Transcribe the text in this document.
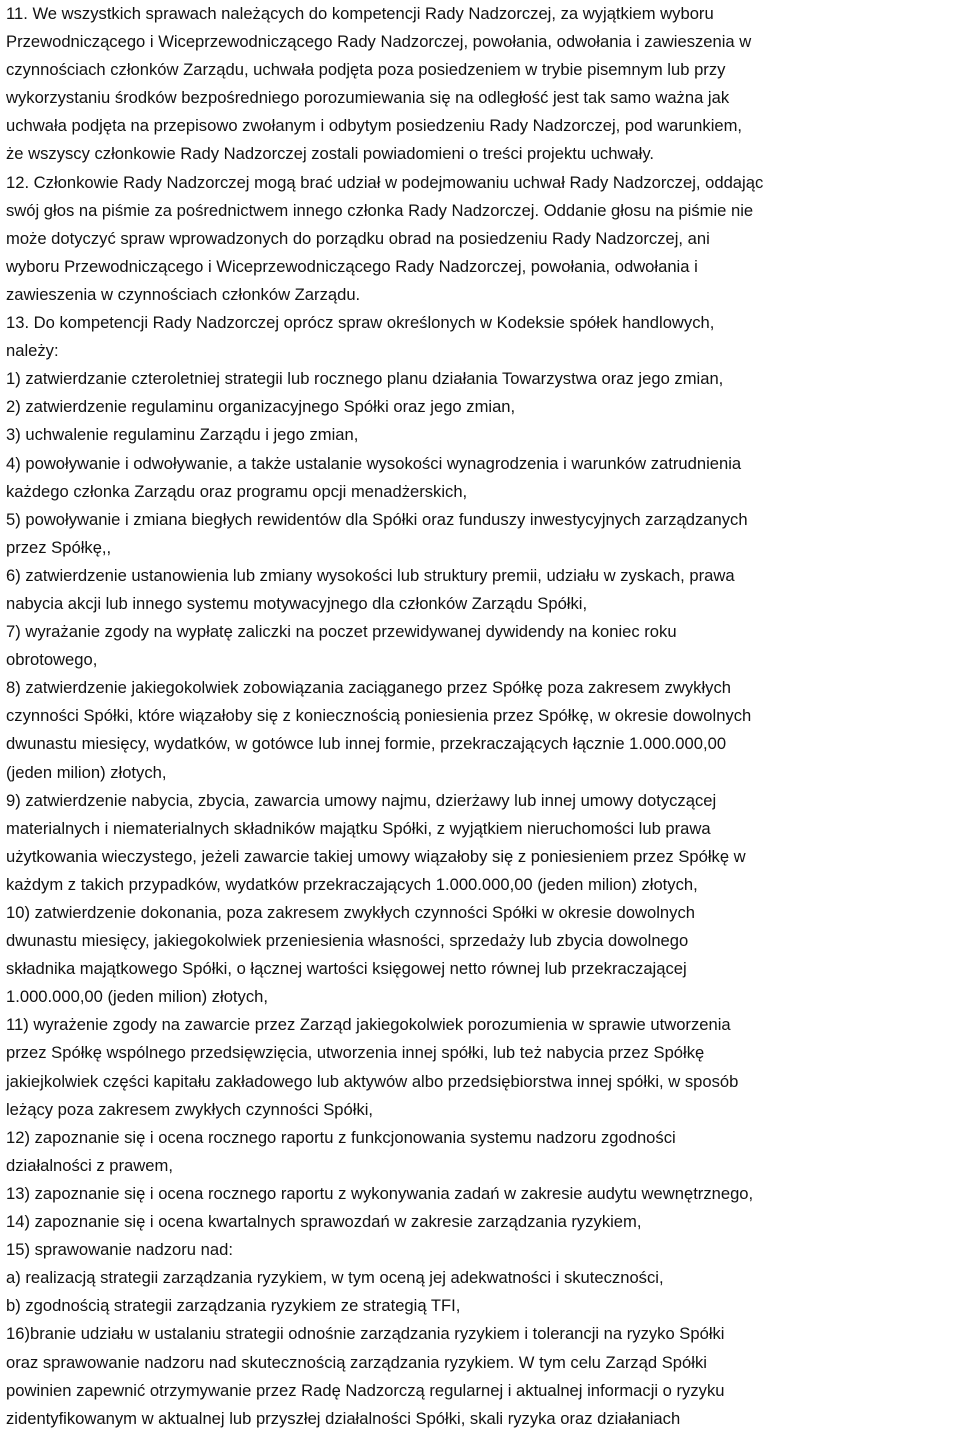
11. We wszystkich sprawach należących do kompetencji Rady Nadzorczej, za wyjątkiem wyboru
Przewodniczącego i Wiceprzewodniczącego Rady Nadzorczej, powołania, odwołania i zawieszenia w
czynnościach członków Zarządu, uchwała podjęta poza posiedzeniem w trybie pisemnym lub przy
wykorzystaniu środków bezpośredniego porozumiewania się na odległość jest tak samo ważna jak
uchwała podjęta na przepisowo zwołanym i odbytym posiedzeniu Rady Nadzorczej, pod warunkiem,
że wszyscy członkowie Rady Nadzorczej zostali powiadomieni o treści projektu uchwały.
12. Członkowie Rady Nadzorczej mogą brać udział w podejmowaniu uchwał Rady Nadzorczej, oddając
swój głos na piśmie za pośrednictwem innego członka Rady Nadzorczej. Oddanie głosu na piśmie nie
może dotyczyć spraw wprowadzonych do porządku obrad na posiedzeniu Rady Nadzorczej, ani
wyboru Przewodniczącego i Wiceprzewodniczącego Rady Nadzorczej, powołania, odwołania i
zawieszenia w czynnościach członków Zarządu.
13. Do kompetencji Rady Nadzorczej oprócz spraw określonych w Kodeksie spółek handlowych,
należy:
1) zatwierdzanie czteroletniej strategii lub rocznego planu działania Towarzystwa oraz jego zmian,
2) zatwierdzenie regulaminu organizacyjnego Spółki oraz jego zmian,
3) uchwalenie regulaminu Zarządu i jego zmian,
4) powoływanie i odwoływanie, a także ustalanie wysokości wynagrodzenia i warunków zatrudnienia
każdego członka Zarządu oraz programu opcji menadżerskich,
5) powoływanie i zmiana biegłych rewidentów dla Spółki oraz funduszy inwestycyjnych zarządzanych
przez Spółkę,,
6) zatwierdzenie ustanowienia lub zmiany wysokości lub struktury premii, udziału w zyskach, prawa
nabycia akcji lub innego systemu motywacyjnego dla członków Zarządu Spółki,
7) wyrażanie zgody na wypłatę zaliczki na poczet przewidywanej dywidendy na koniec roku
obrotowego,
8) zatwierdzenie jakiegokolwiek zobowiązania zaciąganego przez Spółkę poza zakresem zwykłych
czynności Spółki, które wiązałoby się z koniecznością poniesienia przez Spółkę, w okresie dowolnych
dwunastu miesięcy, wydatków, w gotówce lub innej formie, przekraczających łącznie 1.000.000,00
(jeden milion) złotych,
9) zatwierdzenie nabycia, zbycia, zawarcia umowy najmu, dzierżawy lub innej umowy dotyczącej
materialnych i niematerialnych składników majątku Spółki, z wyjątkiem nieruchomości lub prawa
użytkowania wieczystego, jeżeli zawarcie takiej umowy wiązałoby się z poniesieniem przez Spółkę w
każdym z takich przypadków, wydatków przekraczających 1.000.000,00 (jeden milion) złotych,
10) zatwierdzenie dokonania, poza zakresem zwykłych czynności Spółki w okresie dowolnych
dwunastu miesięcy, jakiegokolwiek przeniesienia własności, sprzedaży lub zbycia dowolnego
składnika majątkowego Spółki, o łącznej wartości księgowej netto równej lub przekraczającej
1.000.000,00 (jeden milion) złotych,
11) wyrażenie zgody na zawarcie przez Zarząd jakiegokolwiek porozumienia w sprawie utworzenia
przez Spółkę wspólnego przedsięwzięcia, utworzenia innej spółki, lub też nabycia przez Spółkę
jakiejkolwiek części kapitału zakładowego lub aktywów albo przedsiębiorstwa innej spółki, w sposób
leżący poza zakresem zwykłych czynności Spółki,
12) zapoznanie się i ocena rocznego raportu z funkcjonowania systemu nadzoru zgodności
działalności z prawem,
13) zapoznanie się i ocena rocznego raportu z wykonywania zadań w zakresie audytu wewnętrznego,
14) zapoznanie się i ocena kwartalnych sprawozdań w zakresie zarządzania ryzykiem,
15) sprawowanie nadzoru nad:
a) realizacją strategii zarządzania ryzykiem, w tym oceną jej adekwatności i skuteczności,
b) zgodnością strategii zarządzania ryzykiem ze strategią TFI,
16)branie udziału w ustalaniu strategii odnośnie zarządzania ryzykiem i tolerancji na ryzyko Spółki
oraz sprawowanie nadzoru nad skutecznością zarządzania ryzykiem. W tym celu Zarząd Spółki
powinien zapewnić otrzymywanie przez Radę Nadzorczą regularnej i aktualnej informacji o ryzyku
zidentyfikowanym w aktualnej lub przyszłej działalności Spółki, skali ryzyka oraz działaniach
